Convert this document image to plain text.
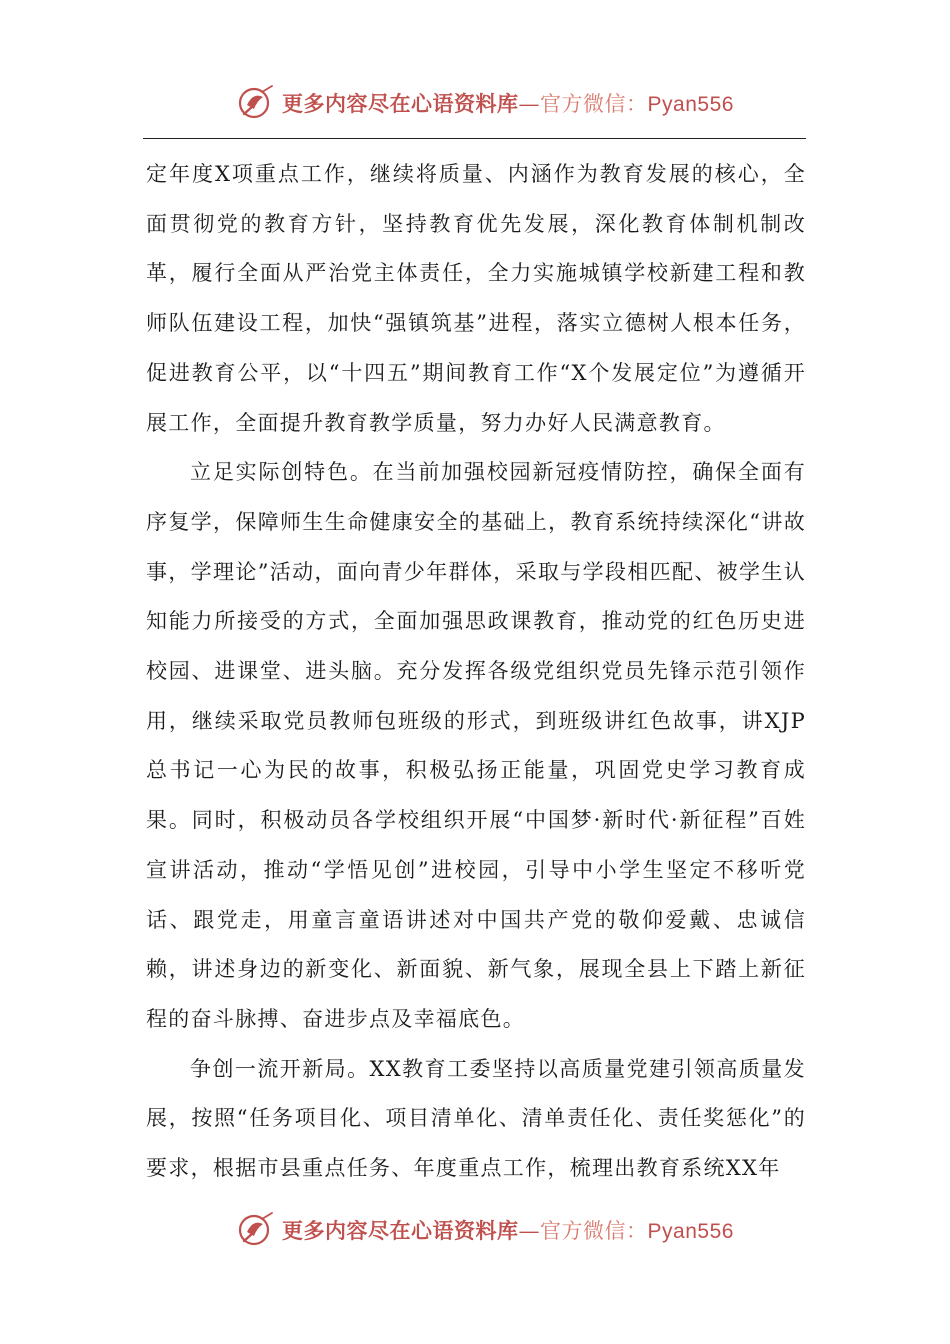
更多内容尽在心语资料库—官方微信：Pyan556

定年度X项重点工作，继续将质量、内涵作为教育发展的核心，全面贯彻党的教育方针，坚持教育优先发展，深化教育体制机制改革，履行全面从严治党主体责任，全力实施城镇学校新建工程和教师队伍建设工程，加快“强镇筑基”进程，落实立德树人根本任务，促进教育公平，以“十四五”期间教育工作“X个发展定位”为遵循开展工作，全面提升教育教学质量，努力办好人民满意教育。

立足实际创特色。在当前加强校园新冠疫情防控，确保全面有序复学，保障师生生命健康安全的基础上，教育系统持续深化“讲故事，学理论”活动，面向青少年群体，采取与学段相匹配、被学生认知能力所接受的方式，全面加强思政课教育，推动党的红色历史进校园、进课堂、进头脑。充分发挥各级党组织党员先锋示范引领作用，继续采取党员教师包班级的形式，到班级讲红色故事，讲XJP总书记一心为民的故事，积极弘扬正能量，巩固党史学习教育成果。同时，积极动员各学校组织开展“中国梦·新时代·新征程”百姓宣讲活动，推动“学悟见创”进校园，引导中小学生坚定不移听党话、跟党走，用童言童语讲述对中国共产党的敬仰爱戴、忠诚信赖，讲述身边的新变化、新面貌、新气象，展现全县上下踏上新征程的奋斗脉搏、奋进步点及幸福底色。

争创一流开新局。XX教育工委坚持以高质量党建引领高质量发展，按照“任务项目化、项目清单化、清单责任化、责任奖惩化”的要求，根据市县重点任务、年度重点工作，梳理出教育系统XX年

更多内容尽在心语资料库—官方微信：Pyan556
